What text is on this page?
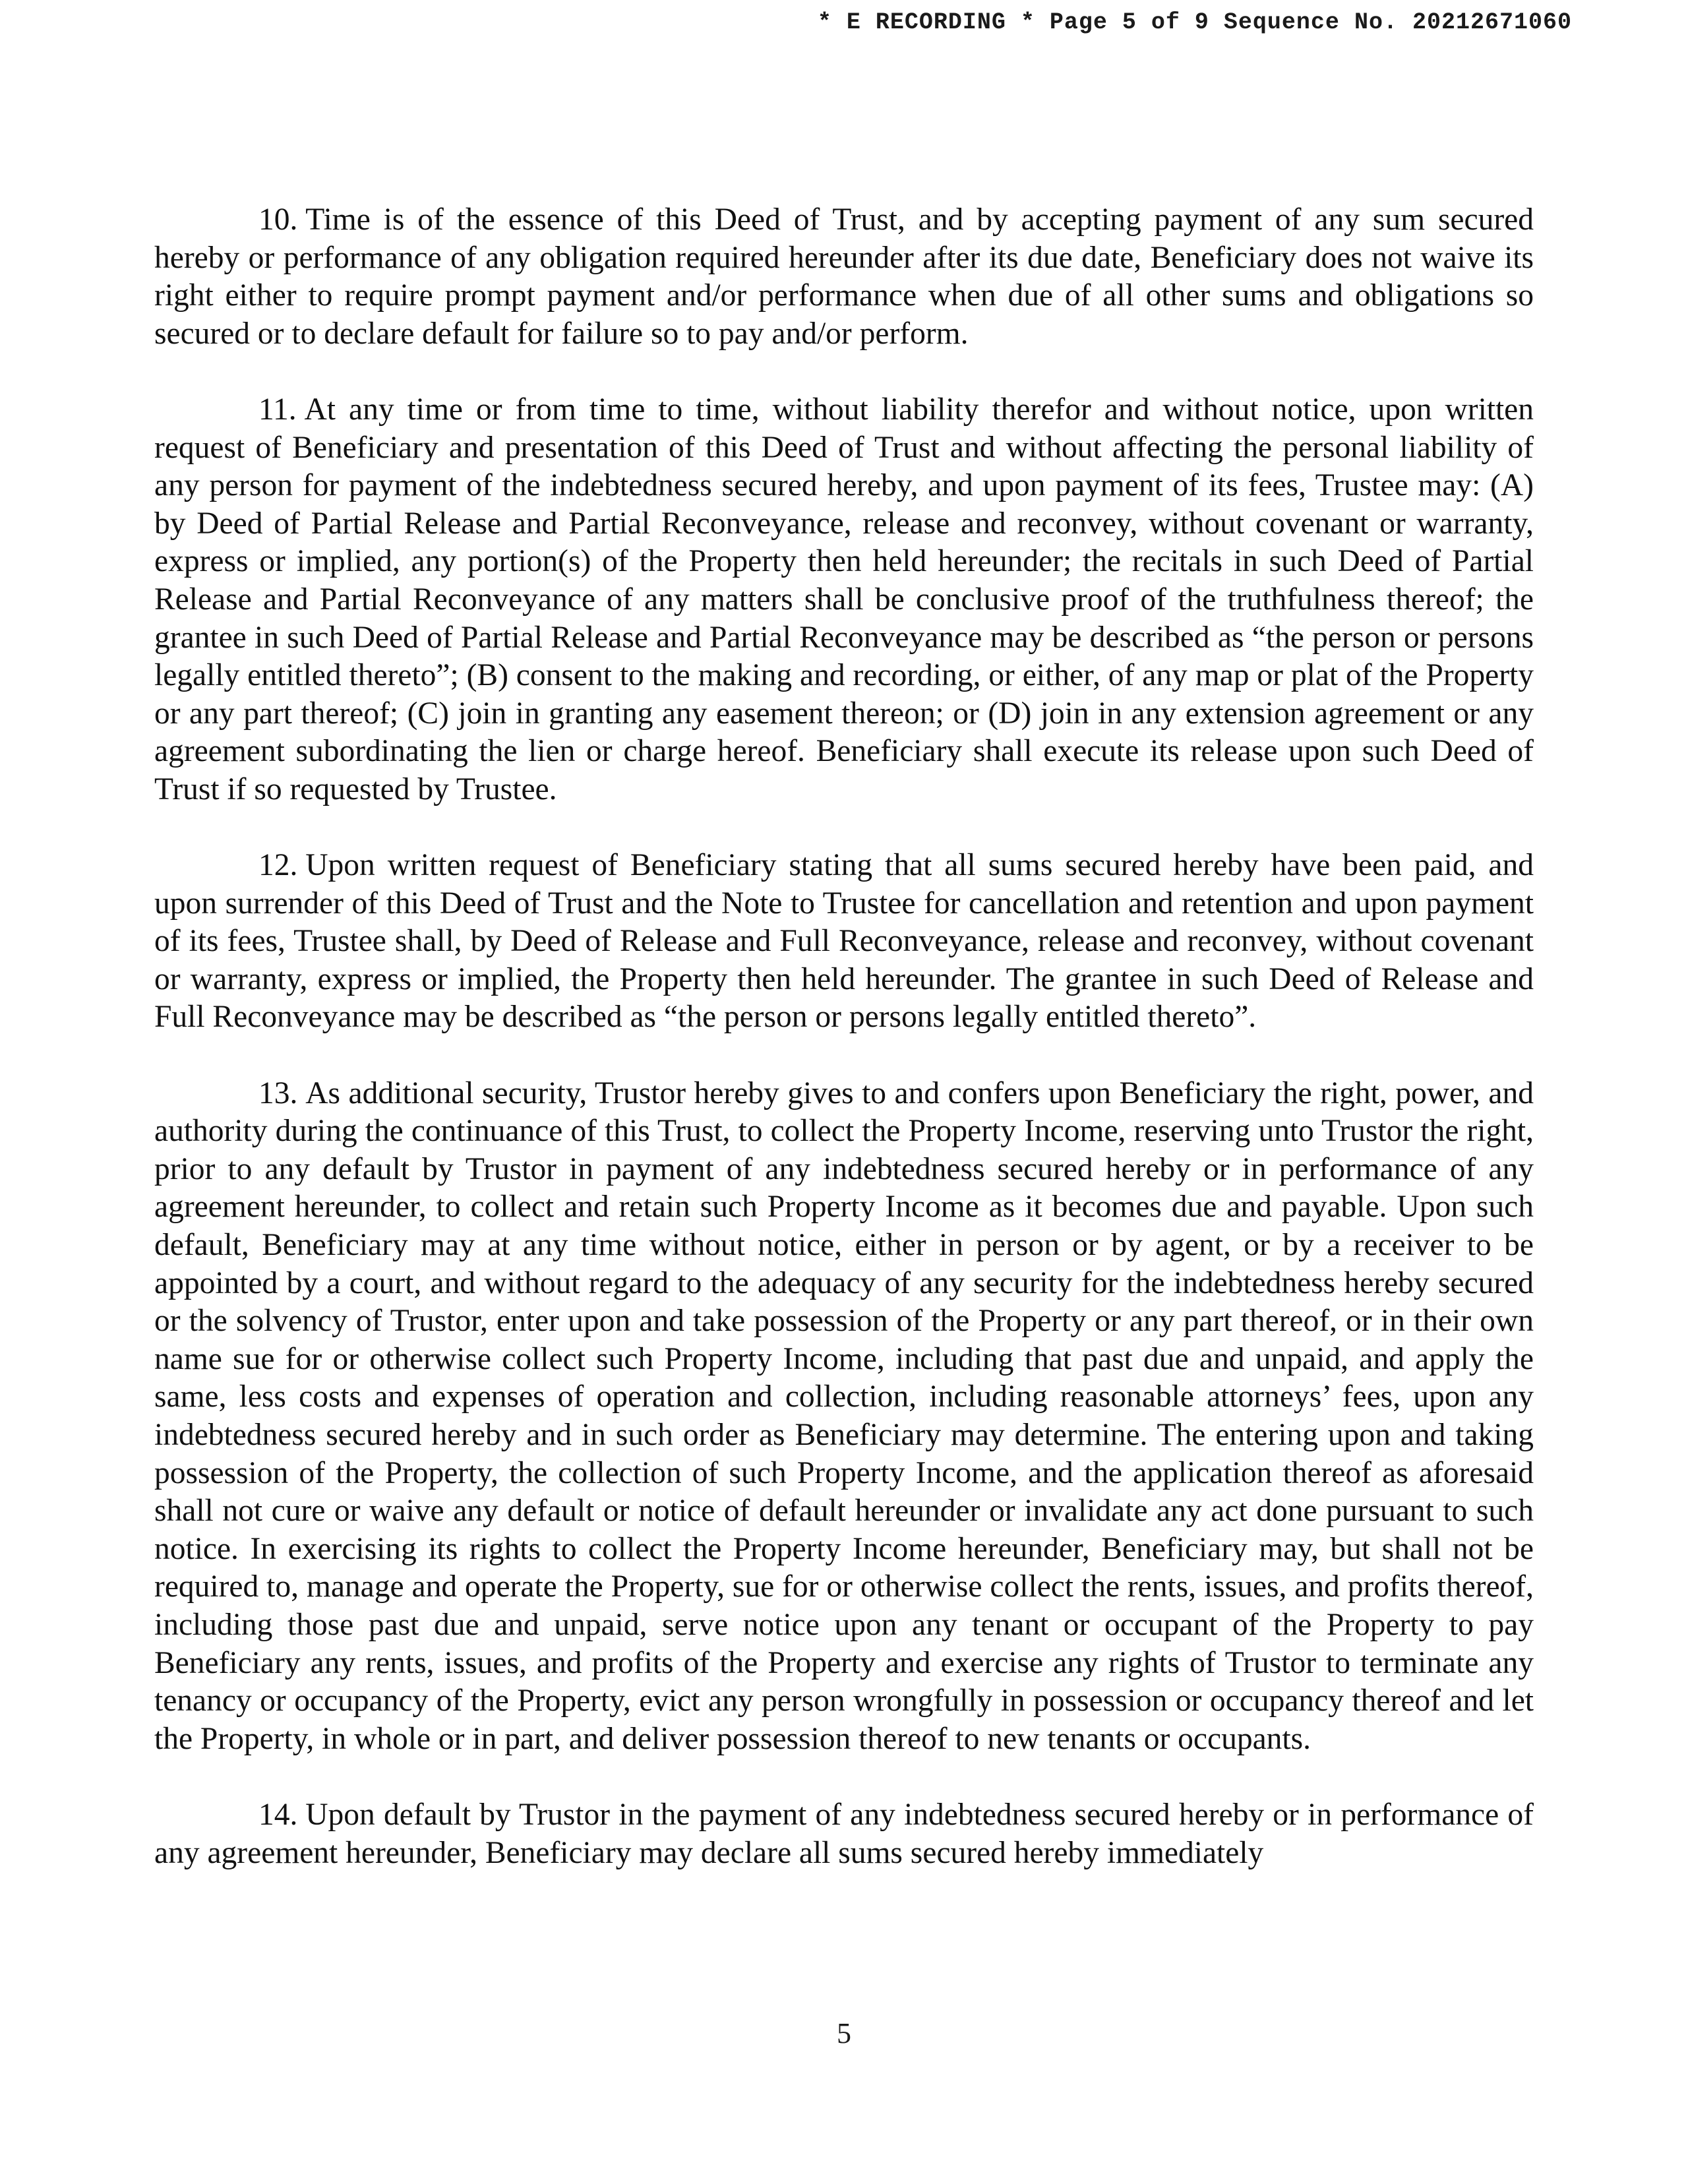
* E RECORDING * Page 5 of 9 Sequence No. 20212671060

10. Time is of the essence of this Deed of Trust, and by accepting payment of any sum secured hereby or performance of any obligation required hereunder after its due date, Beneficiary does not waive its right either to require prompt payment and/or performance when due of all other sums and obligations so secured or to declare default for failure so to pay and/or perform.

11. At any time or from time to time, without liability therefor and without notice, upon written request of Beneficiary and presentation of this Deed of Trust and without affecting the personal liability of any person for payment of the indebtedness secured hereby, and upon payment of its fees, Trustee may: (A) by Deed of Partial Release and Partial Reconveyance, release and reconvey, without covenant or warranty, express or implied, any portion(s) of the Property then held hereunder; the recitals in such Deed of Partial Release and Partial Reconveyance of any matters shall be conclusive proof of the truthfulness thereof; the grantee in such Deed of Partial Release and Partial Reconveyance may be described as “the person or persons legally entitled thereto”; (B) consent to the making and recording, or either, of any map or plat of the Property or any part thereof; (C) join in granting any easement thereon; or (D) join in any extension agreement or any agreement subordinating the lien or charge hereof. Beneficiary shall execute its release upon such Deed of Trust if so requested by Trustee.

12. Upon written request of Beneficiary stating that all sums secured hereby have been paid, and upon surrender of this Deed of Trust and the Note to Trustee for cancellation and retention and upon payment of its fees, Trustee shall, by Deed of Release and Full Reconveyance, release and reconvey, without covenant or warranty, express or implied, the Property then held hereunder. The grantee in such Deed of Release and Full Reconveyance may be described as “the person or persons legally entitled thereto”.

13. As additional security, Trustor hereby gives to and confers upon Beneficiary the right, power, and authority during the continuance of this Trust, to collect the Property Income, reserving unto Trustor the right, prior to any default by Trustor in payment of any indebtedness secured hereby or in performance of any agreement hereunder, to collect and retain such Property Income as it becomes due and payable. Upon such default, Beneficiary may at any time without notice, either in person or by agent, or by a receiver to be appointed by a court, and without regard to the adequacy of any security for the indebtedness hereby secured or the solvency of Trustor, enter upon and take possession of the Property or any part thereof, or in their own name sue for or otherwise collect such Property Income, including that past due and unpaid, and apply the same, less costs and expenses of operation and collection, including reasonable attorneys’ fees, upon any indebtedness secured hereby and in such order as Beneficiary may determine. The entering upon and taking possession of the Property, the collection of such Property Income, and the application thereof as aforesaid shall not cure or waive any default or notice of default hereunder or invalidate any act done pursuant to such notice. In exercising its rights to collect the Property Income hereunder, Beneficiary may, but shall not be required to, manage and operate the Property, sue for or otherwise collect the rents, issues, and profits thereof, including those past due and unpaid, serve notice upon any tenant or occupant of the Property to pay Beneficiary any rents, issues, and profits of the Property and exercise any rights of Trustor to terminate any tenancy or occupancy of the Property, evict any person wrongfully in possession or occupancy thereof and let the Property, in whole or in part, and deliver possession thereof to new tenants or occupants.

14. Upon default by Trustor in the payment of any indebtedness secured hereby or in performance of any agreement hereunder, Beneficiary may declare all sums secured hereby immediately

5
